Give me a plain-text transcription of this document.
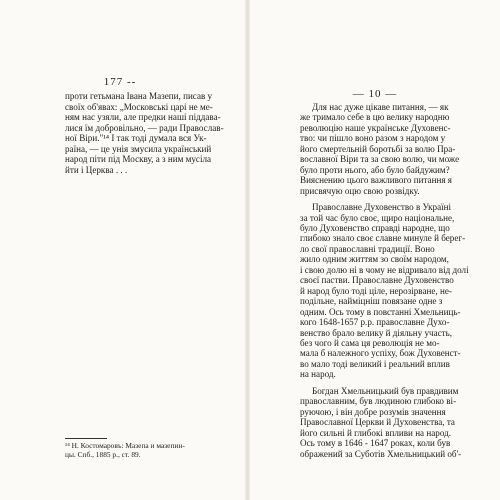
177 --
проти гетьмана Івана Мазепи, писав у
своїх об'явах: „Московські царі не ме-
ням нас узяли, але предки наші піддава-
лися їм добровільно, — ради Православ-
ної Віри."¹⁴ І так тоді думала вся Ук-
раїна, — це унія змусила український
народ піти під Москву, а з ним мусіла
йти і Церква . . .
¹⁴ Н. Костомаровъ: Мазепа и мазепин-
цы. Спб., 1885 р., ст. 89.
— 10 —
Для нас дуже цікаве питання, — як
же тримало себе в цю велику народню
революцію наше українське Духовенс-
тво: чи пішло воно разом з народом у
його смертельній боротьбі за волю Пра-
вославної Віри та за свою волю, чи може
було проти нього, або було байдужим?
Вияснению цього важливого питання я
присвячую оцю свою розвідку.
Православне Духовенство в Україні
за той час було своє, щиро національне,
було Духовенство справді народне, що
глибоко знало своє славне минуле й берег-
ло свої православні традиції. Воно
жило одним життям зо своїм народом,
і свою долю ні в чому не відривало від долі
своєї пастви. Православне Духовенство
й народ було тоді ціле, нерозірване, не-
подільне, найміцніш повязане одне з
одним. Ось тому в повстанні Хмельниць-
кого 1648-1657 р.р. православне Духо-
венство брало велику й діяльну участь,
без чого й сама ця революція не мо-
мала б належного успіху, бож Духовенст-
во мало тоді великий і реальний вплив
на народ.
Богдан Хмельницький був правдивим
православним, був людиною глибоко ві-
руючою, і він добре розумів значення
Православної Церкви й Духовенства, та
його сильні й глибокі впливи на народ.
Ось тому в 1646 - 1647 роках, коли був
ображений за Суботів Хмельницький об'-
